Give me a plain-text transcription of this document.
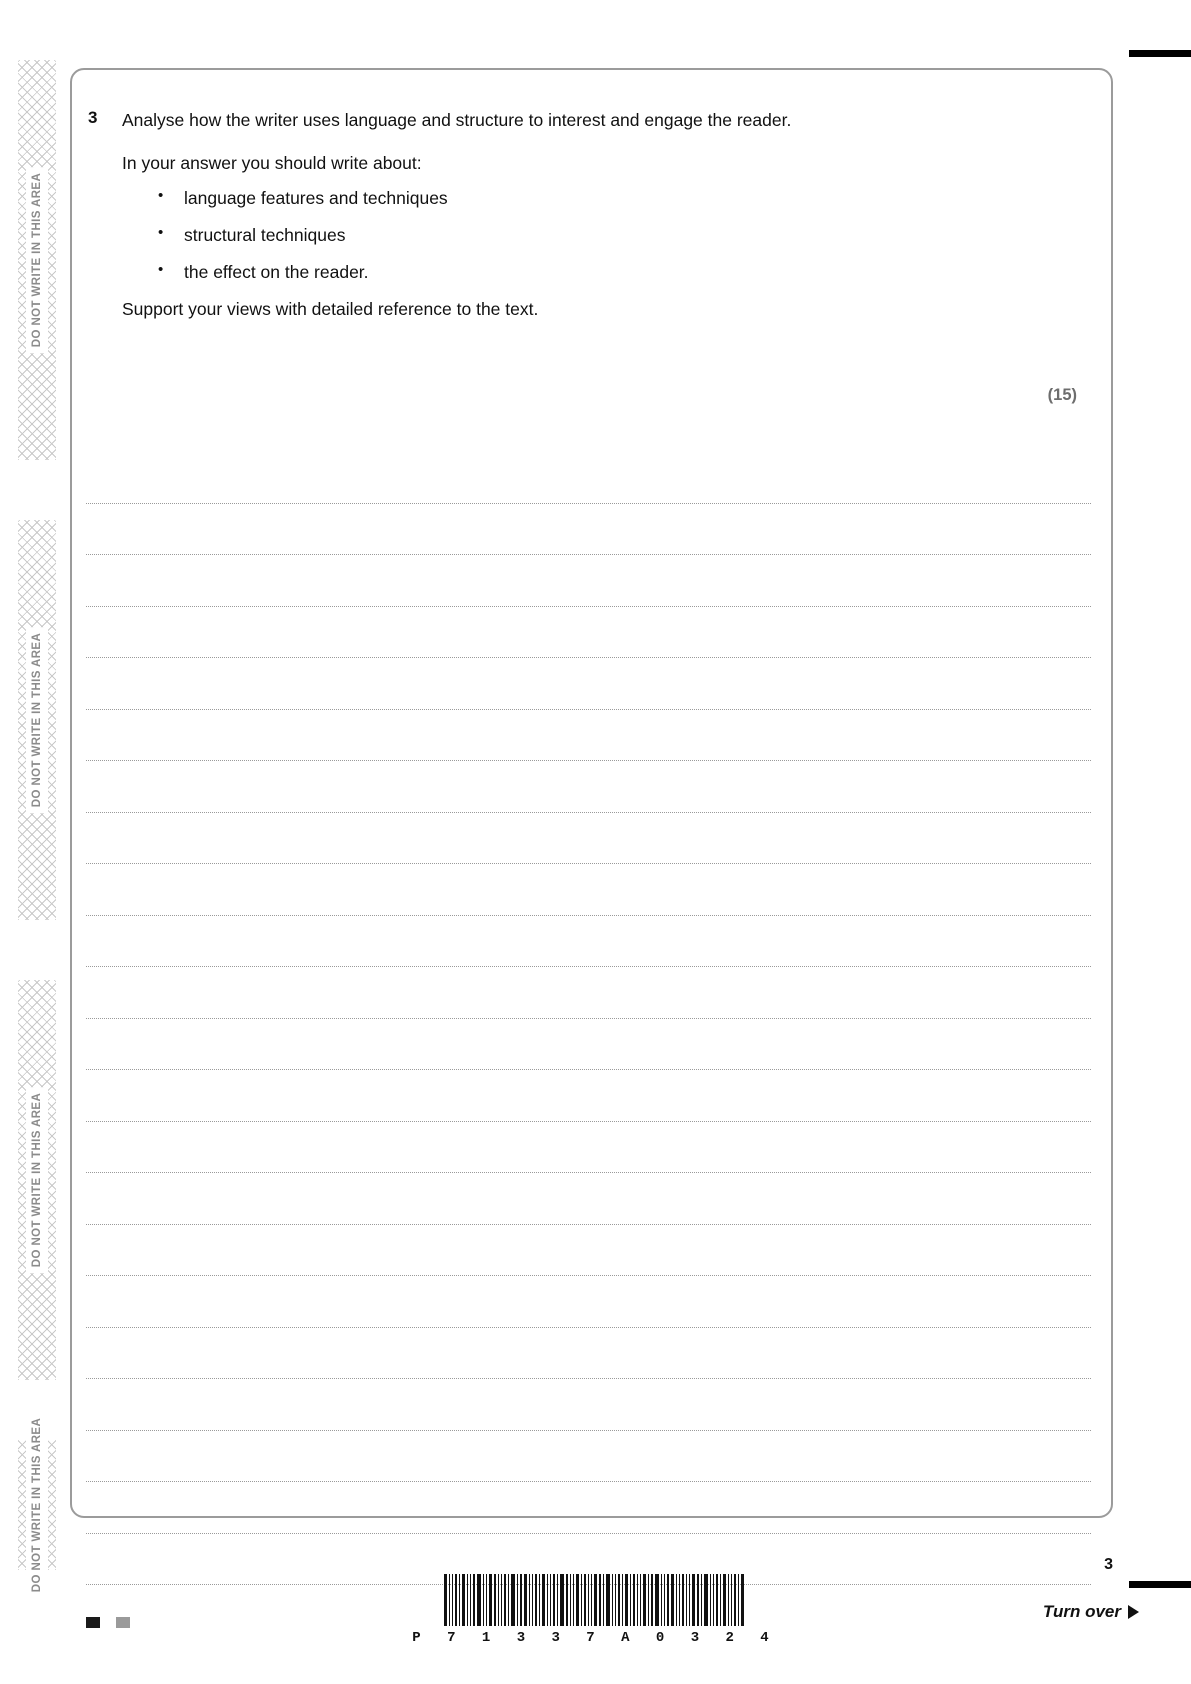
DO NOT WRITE IN THIS AREA
DO NOT WRITE IN THIS AREA
DO NOT WRITE IN THIS AREA
DO NOT WRITE IN THIS AREA
3	Analyse how the writer uses language and structure to interest and engage the reader.
In your answer you should write about:
• language features and techniques
• structural techniques
• the effect on the reader.
Support your views with detailed reference to the text.
(15)
P 7 1 3 3 7 A 0 3 2 4
3
Turn over
